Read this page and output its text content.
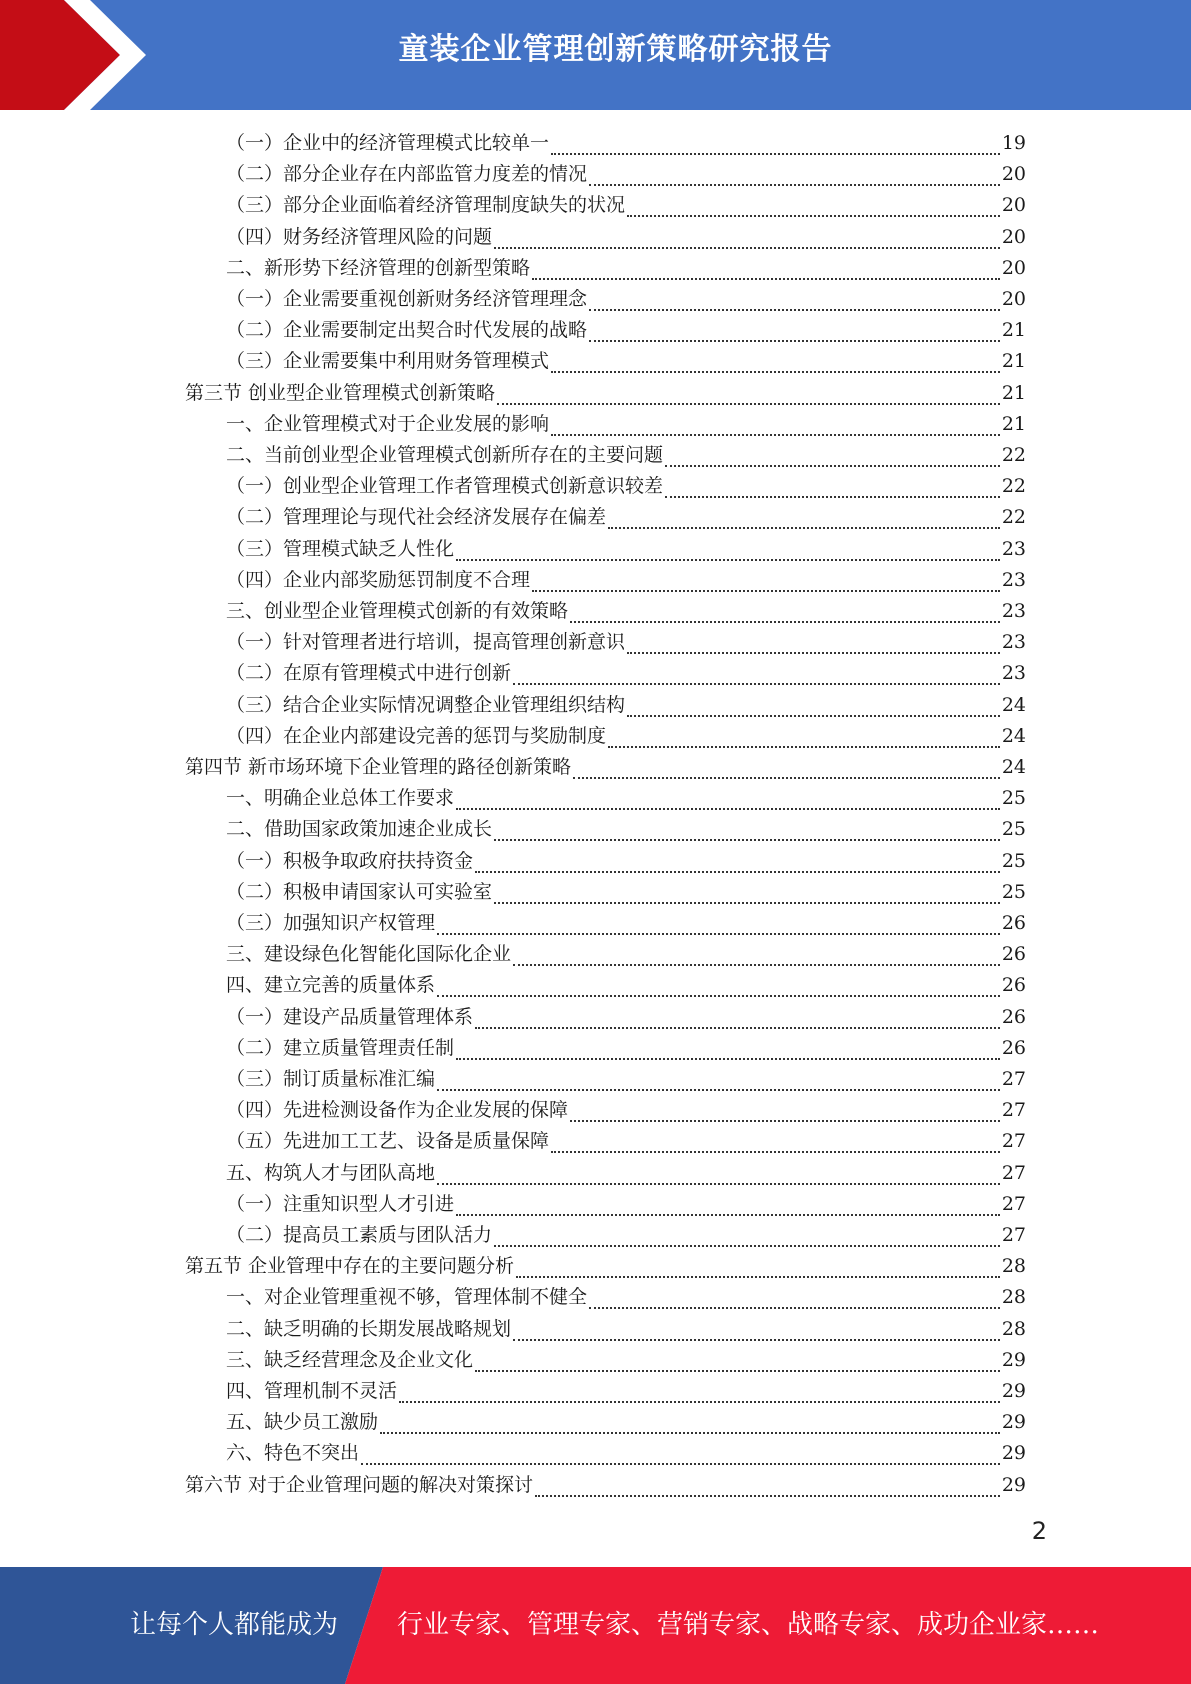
童装企业管理创新策略研究报告
（一）企业中的经济管理模式比较单一	19
（二）部分企业存在内部监管力度差的情况	20
（三）部分企业面临着经济管理制度缺失的状况	20
（四）财务经济管理风险的问题	20
二、新形势下经济管理的创新型策略	20
（一）企业需要重视创新财务经济管理理念	20
（二）企业需要制定出契合时代发展的战略	21
（三）企业需要集中利用财务管理模式	21
第三节 创业型企业管理模式创新策略	21
一、企业管理模式对于企业发展的影响	21
二、当前创业型企业管理模式创新所存在的主要问题	22
（一）创业型企业管理工作者管理模式创新意识较差	22
（二）管理理论与现代社会经济发展存在偏差	22
（三）管理模式缺乏人性化	23
（四）企业内部奖励惩罚制度不合理	23
三、创业型企业管理模式创新的有效策略	23
（一）针对管理者进行培训，提高管理创新意识	23
（二）在原有管理模式中进行创新	23
（三）结合企业实际情况调整企业管理组织结构	24
（四）在企业内部建设完善的惩罚与奖励制度	24
第四节 新市场环境下企业管理的路径创新策略	24
一、明确企业总体工作要求	25
二、借助国家政策加速企业成长	25
（一）积极争取政府扶持资金	25
（二）积极申请国家认可实验室	25
（三）加强知识产权管理	26
三、建设绿色化智能化国际化企业	26
四、建立完善的质量体系	26
（一）建设产品质量管理体系	26
（二）建立质量管理责任制	26
（三）制订质量标准汇编	27
（四）先进检测设备作为企业发展的保障	27
（五）先进加工工艺、设备是质量保障	27
五、构筑人才与团队高地	27
（一）注重知识型人才引进	27
（二）提高员工素质与团队活力	27
第五节 企业管理中存在的主要问题分析	28
一、对企业管理重视不够，管理体制不健全	28
二、缺乏明确的长期发展战略规划	28
三、缺乏经营理念及企业文化	29
四、管理机制不灵活	29
五、缺少员工激励	29
六、特色不突出	29
第六节 对于企业管理问题的解决对策探讨	29
2
让每个人都能成为 行业专家、管理专家、营销专家、战略专家、成功企业家……
